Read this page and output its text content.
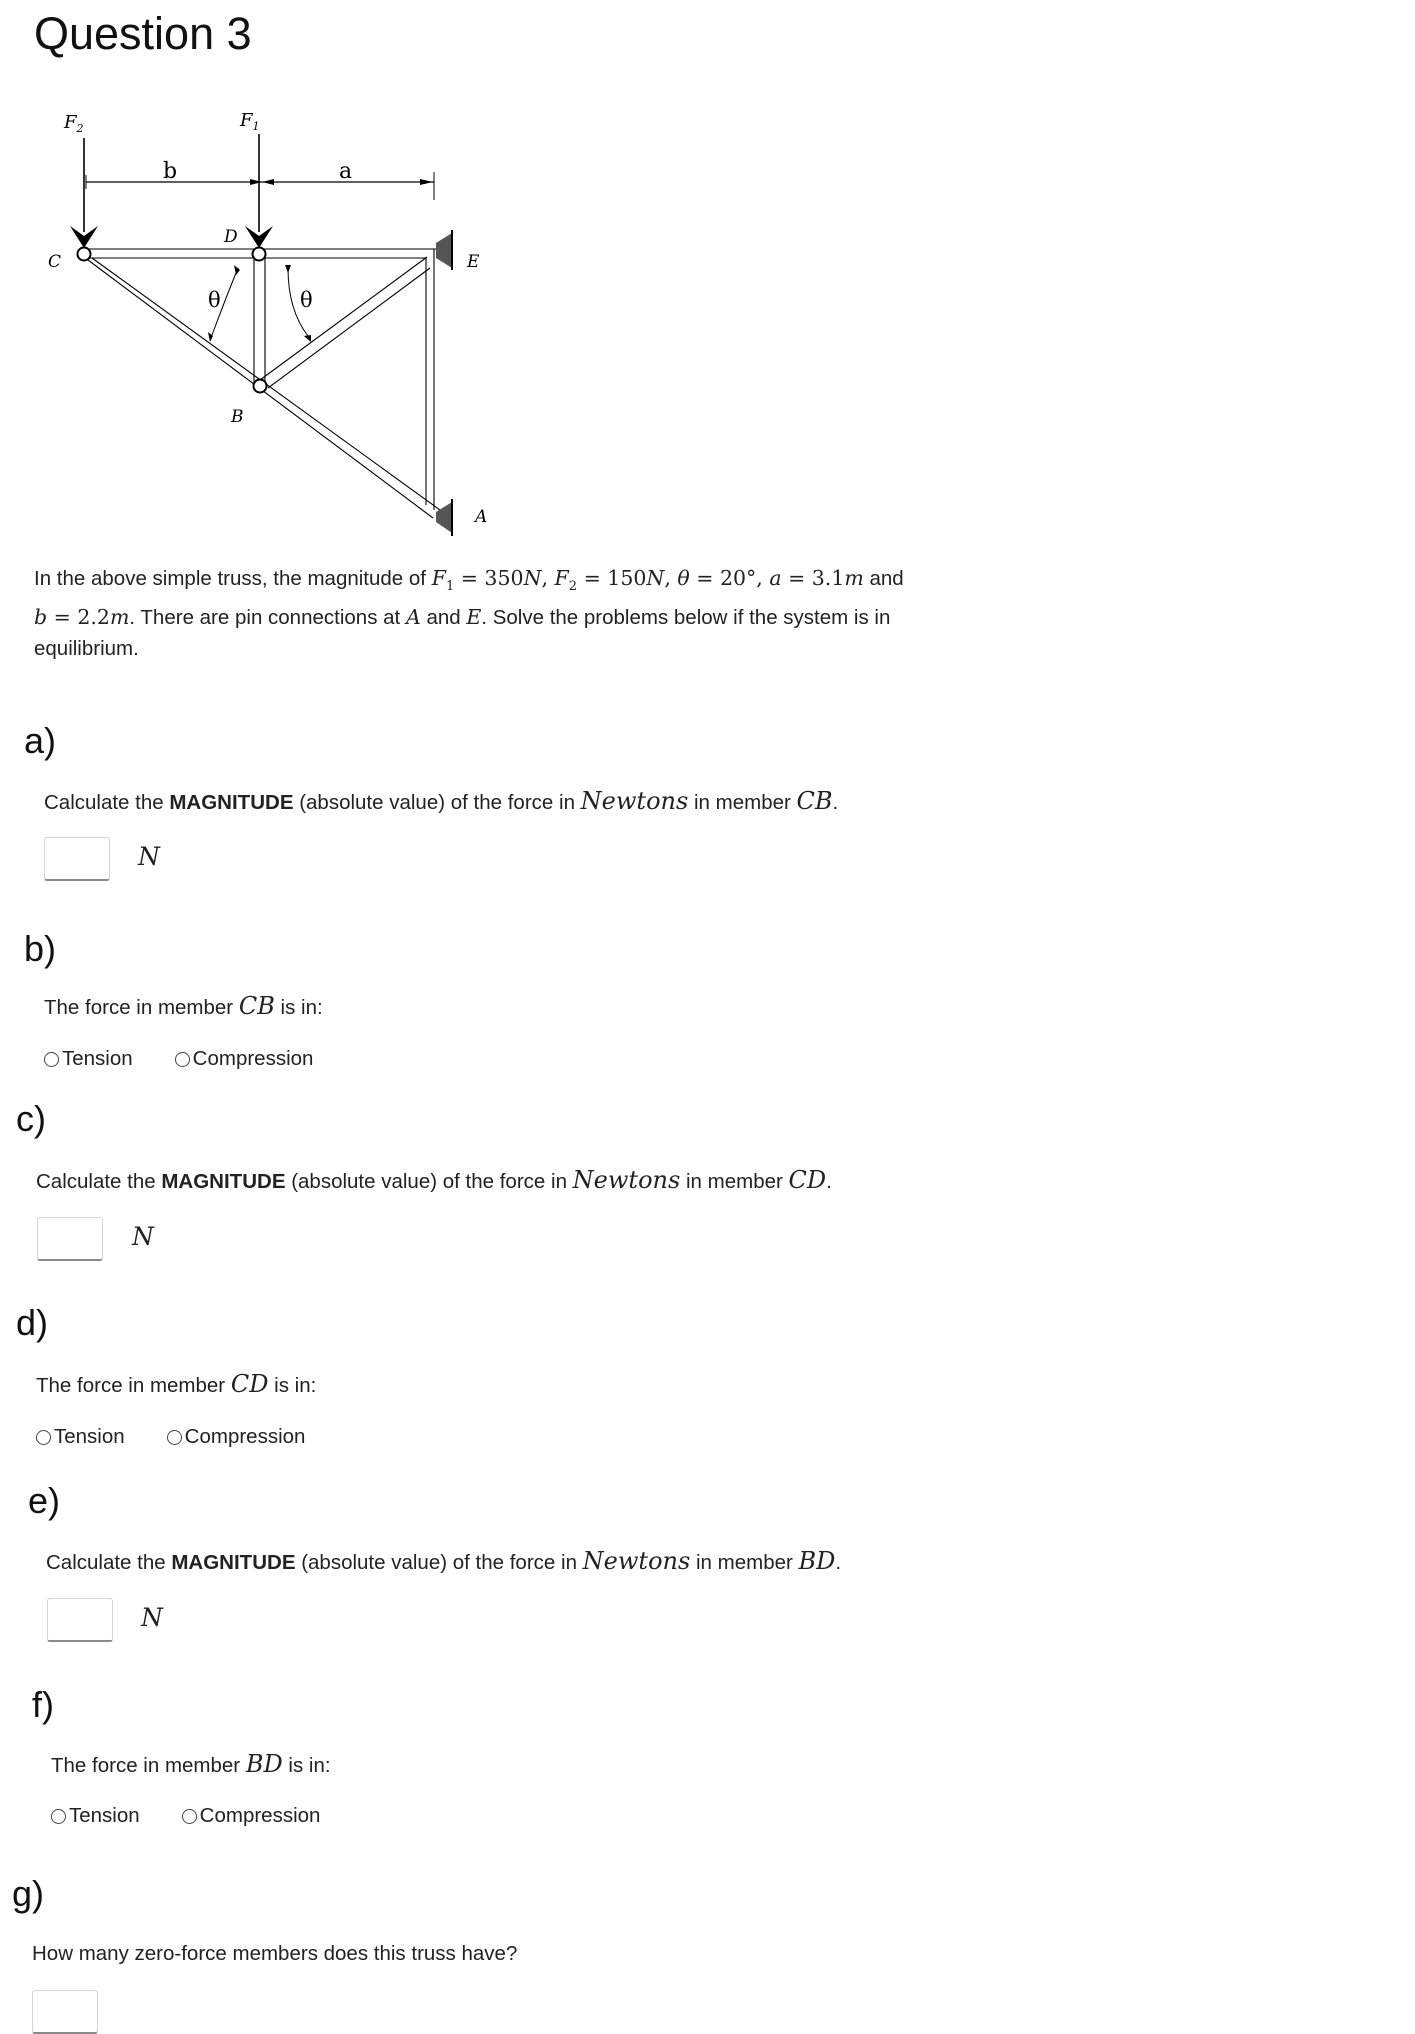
Question 3
$F_2$	$F_1$
b	a
C
D
E
B
A
θ	θ
In the above simple truss, the magnitude of $F_1 = 350N$, $F_2 = 150N$, θ = 20°, a = 3.1m and
b = 2.2m. There are pin connections at A and E. Solve the problems below if the system is in
equilibrium.
a)
Calculate the MAGNITUDE (absolute value) of the force in Newtons in member CB.
N
b)
The force in member CB is in:
Tension	Compression
c)
Calculate the MAGNITUDE (absolute value) of the force in Newtons in member CD.
N
d)
The force in member CD is in:
Tension	Compression
e)
Calculate the MAGNITUDE (absolute value) of the force in Newtons in member BD.
N
f)
The force in member BD is in:
Tension	Compression
g)
How many zero-force members does this truss have?
